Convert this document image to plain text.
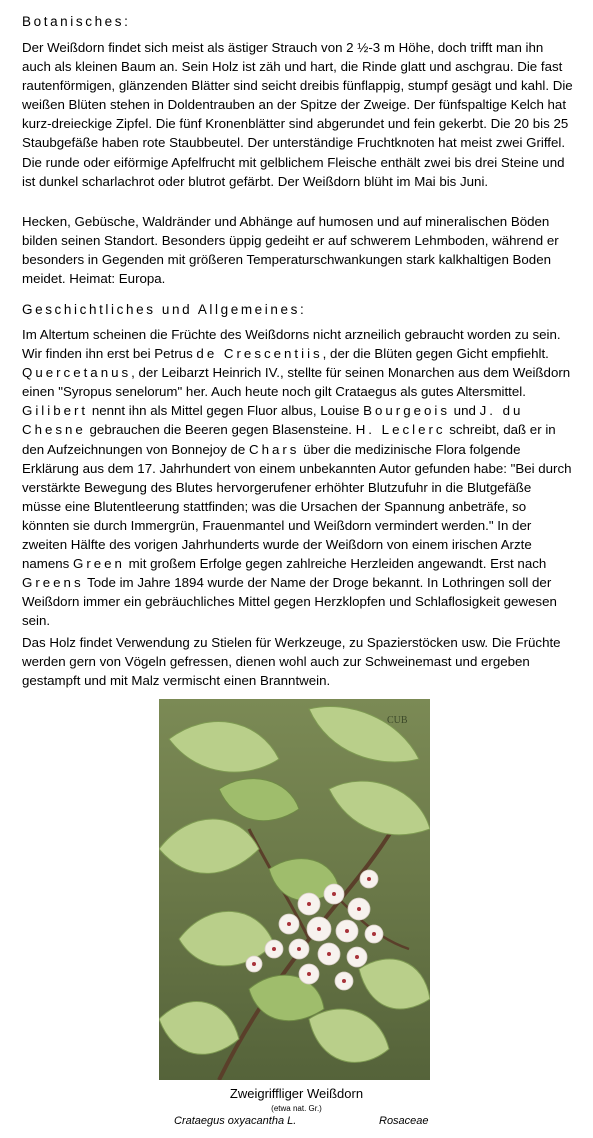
Botanisches:

Der Weißdorn findet sich meist als ästiger Strauch von 2 ½-3 m Höhe, doch trifft man ihn auch als kleinen Baum an. Sein Holz ist zäh und hart, die Rinde glatt und aschgrau. Die fast rautenförmigen, glänzenden Blätter sind seicht dreibis fünflappig, stumpf gesägt und kahl. Die weißen Blüten stehen in Doldentrauben an der Spitze der Zweige. Der fünfspaltige Kelch hat kurz-dreieckige Zipfel. Die fünf Kronenblätter sind abgerundet und fein gekerbt. Die 20 bis 25 Staubgefäße haben rote Staubbeutel. Der unterständige Fruchtknoten hat meist zwei Griffel. Die runde oder eiförmige Apfelfrucht mit gelblichem Fleische enthält zwei bis drei Steine und ist dunkel scharlachrot oder blutrot gefärbt. Der Weißdorn blüht im Mai bis Juni.

Hecken, Gebüsche, Waldränder und Abhänge auf humosen und auf mineralischen Böden bilden seinen Standort. Besonders üppig gedeiht er auf schwerem Lehmboden, während er besonders in Gegenden mit größeren Temperaturschwankungen stark kalkhaltigen Boden meidet. Heimat: Europa.

Geschichtliches und Allgemeines:

Im Altertum scheinen die Früchte des Weißdorns nicht arzneilich gebraucht worden zu sein. Wir finden ihn erst bei Petrus de Crescentiis, der die Blüten gegen Gicht empfiehlt. Quercetanus, der Leibarzt Heinrich IV., stellte für seinen Monarchen aus dem Weißdorn einen "Syropus senelorum" her. Auch heute noch gilt Crataegus als gutes Altersmittel. Gilibert nennt ihn als Mittel gegen Fluor albus, Louise Bourgeois und J. du Chesne gebrauchen die Beeren gegen Blasensteine. H. Leclerc schreibt, daß er in den Aufzeichnungen von Bonnejoy de Chars über die medizinische Flora folgende Erklärung aus dem 17. Jahrhundert von einem unbekannten Autor gefunden habe: "Bei durch verstärkte Bewegung des Blutes hervorgerufener erhöhter Blutzufuhr in die Blutgefäße müsse eine Blutentleerung stattfinden; was die Ursachen der Spannung anbeträfe, so könnten sie durch Immergrün, Frauenmantel und Weißdorn vermindert werden." In der zweiten Hälfte des vorigen Jahrhunderts wurde der Weißdorn von einem irischen Arzte namens Green mit großem Erfolge gegen zahlreiche Herzleiden angewandt. Erst nach Greens Tode im Jahre 1894 wurde der Name der Droge bekannt. In Lothringen soll der Weißdorn immer ein gebräuchliches Mittel gegen Herzklopfen und Schlaflosigkeit gewesen sein.

Das Holz findet Verwendung zu Stielen für Werkzeuge, zu Spazierstöcken usw. Die Früchte werden gern von Vögeln gefressen, dienen wohl auch zur Schweinemast und ergeben gestampft und mit Malz vermischt einen Branntwein.

CUB
Zweigriffliger Weißdorn
(etwa nat. Gr.)
Crataegus oxyacantha L.	Rosaceae
